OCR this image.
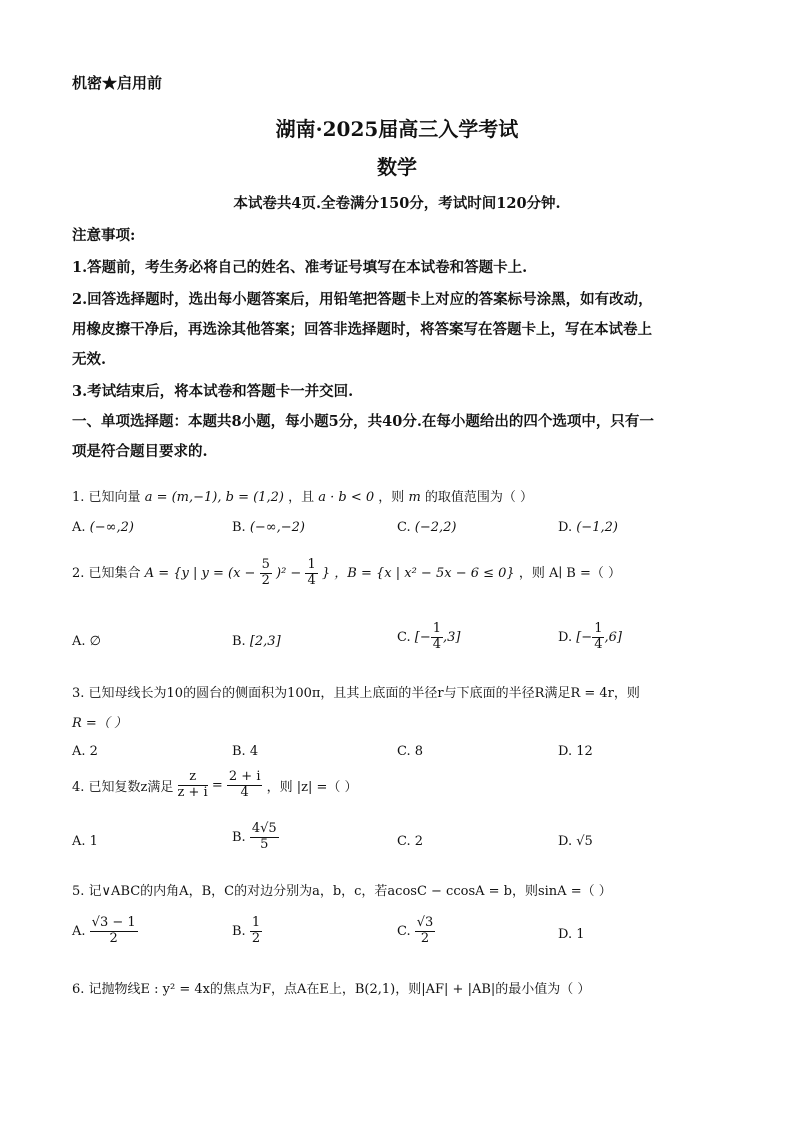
机密★启用前
湖南·2025届高三入学考试
数学
本试卷共4页.全卷满分150分，考试时间120分钟.
注意事项:
1.答题前，考生务必将自己的姓名、准考证号填写在本试卷和答题卡上.
2.回答选择题时，选出每小题答案后，用铅笔把答题卡上对应的答案标号涂黑，如有改动，
用橡皮擦干净后，再选涂其他答案；回答非选择题时，将答案写在答题卡上，写在本试卷上
无效.
3.考试结束后，将本试卷和答题卡一并交回.
一、单项选择题：本题共8小题，每小题5分，共40分.在每小题给出的四个选项中，只有一
项是符合题目要求的.
1. 已知向量 a = (m,−1), b = (1,2) ，且 a · b < 0 ，则 m 的取值范围为（ ）
A. (−∞,2)	B. (−∞,−2)	C. (−2,2)	D. (−1,2)
2. 已知集合 A = {y | $y = (x - \frac{5}{2} )^2 - \frac{1}{4}$ } ，B = {x | x² − 5x − 6 ≤ 0} ，则 A∣ B =（ ）
A. ∅	B. [2,3]	C. [− $\frac{1}{4} ,3$]	D. [− $\frac{1}{4} ,6$]
3. 已知母线长为10的圆台的侧面积为100π，且其上底面的半径r与下底面的半径R满足R = 4r，则
R =（ ）
A. 2	B. 4	C. 8	D. 12
4. 已知复数z满足 $\frac{z}{z + i} = \frac{2 + i}{4}$ ，则 |z| =（ ）
A. 1	B. $\frac{4√5}{5}$	C. 2	D. √5
5. 记∨ABC的内角A，B，C的对边分别为a，b，c，若acosC − ccosA = b，则sinA =（ ）
A. $\frac{√3 - 1}{2}$	B. $\frac{1}{2}$	C. $\frac{√3}{2}$	D. 1
6. 记抛物线E : y² = 4x的焦点为F，点A在E上，B(2,1)，则|AF| + |AB|的最小值为（ ）
